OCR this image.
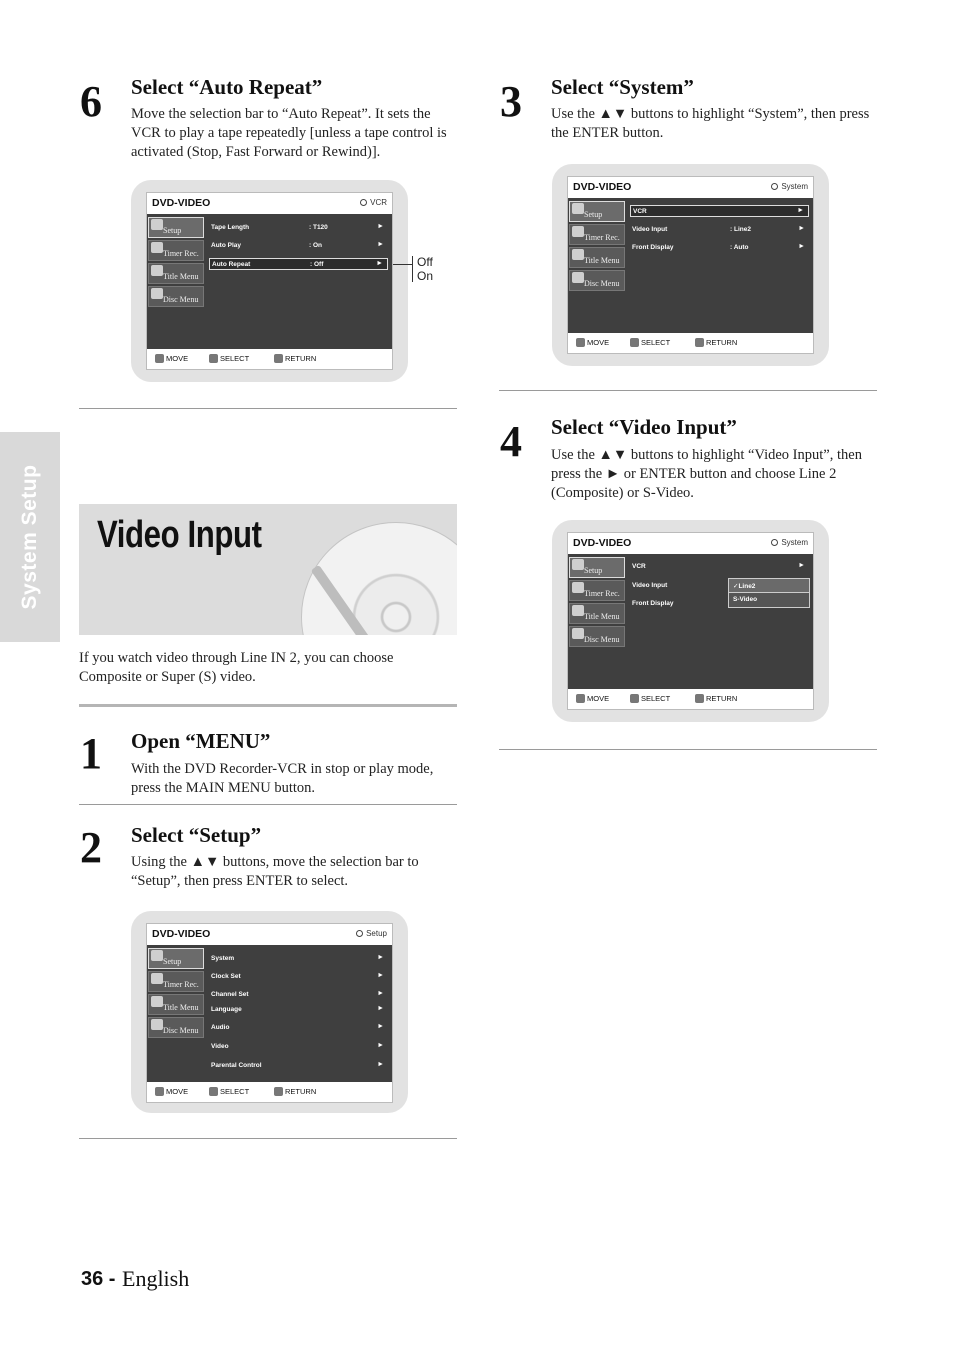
System Setup
6 Select “Auto Repeat”
Move the selection bar to “Auto Repeat”. It sets the VCR to play a tape repeatedly [unless a tape control is activated (Stop, Fast Forward or Rewind)].
DVD-VIDEO	VCR
Setup
Timer Rec.
Title Menu
Disc Menu
Tape Length	: T120	►
Auto Play	: On	►
Auto Repeat	: Off	►
MOVE	SELECT	RETURN
Off
On
Video Input
If you watch video through Line IN 2, you can choose Composite or Super (S) video.
1 Open “MENU”
With the DVD Recorder-VCR in stop or play mode, press the MAIN MENU button.
2 Select “Setup”
Using the ▲▼ buttons, move the selection bar to “Setup”, then press ENTER to select.
DVD-VIDEO	Setup
Setup
Timer Rec.
Title Menu
Disc Menu
System	►
Clock Set	►
Channel Set	►
Language	►
Audio	►
Video	►
Parental Control	►
MOVE	SELECT	RETURN
3 Select “System”
Use the ▲▼ buttons to highlight “System”, then press the ENTER button.
DVD-VIDEO	System
Setup
Timer Rec.
Title Menu
Disc Menu
VCR	►
Video Input	: Line2	►
Front Display	: Auto	►
MOVE	SELECT	RETURN
4 Select “Video Input”
Use the ▲▼ buttons to highlight “Video Input”, then press the ► or ENTER button and choose Line 2 (Composite) or S-Video.
DVD-VIDEO	System
Setup
Timer Rec.
Title Menu
Disc Menu
VCR	►
Video Input
Front Display
✓Line2
S-Video
MOVE	SELECT	RETURN
36 - English
